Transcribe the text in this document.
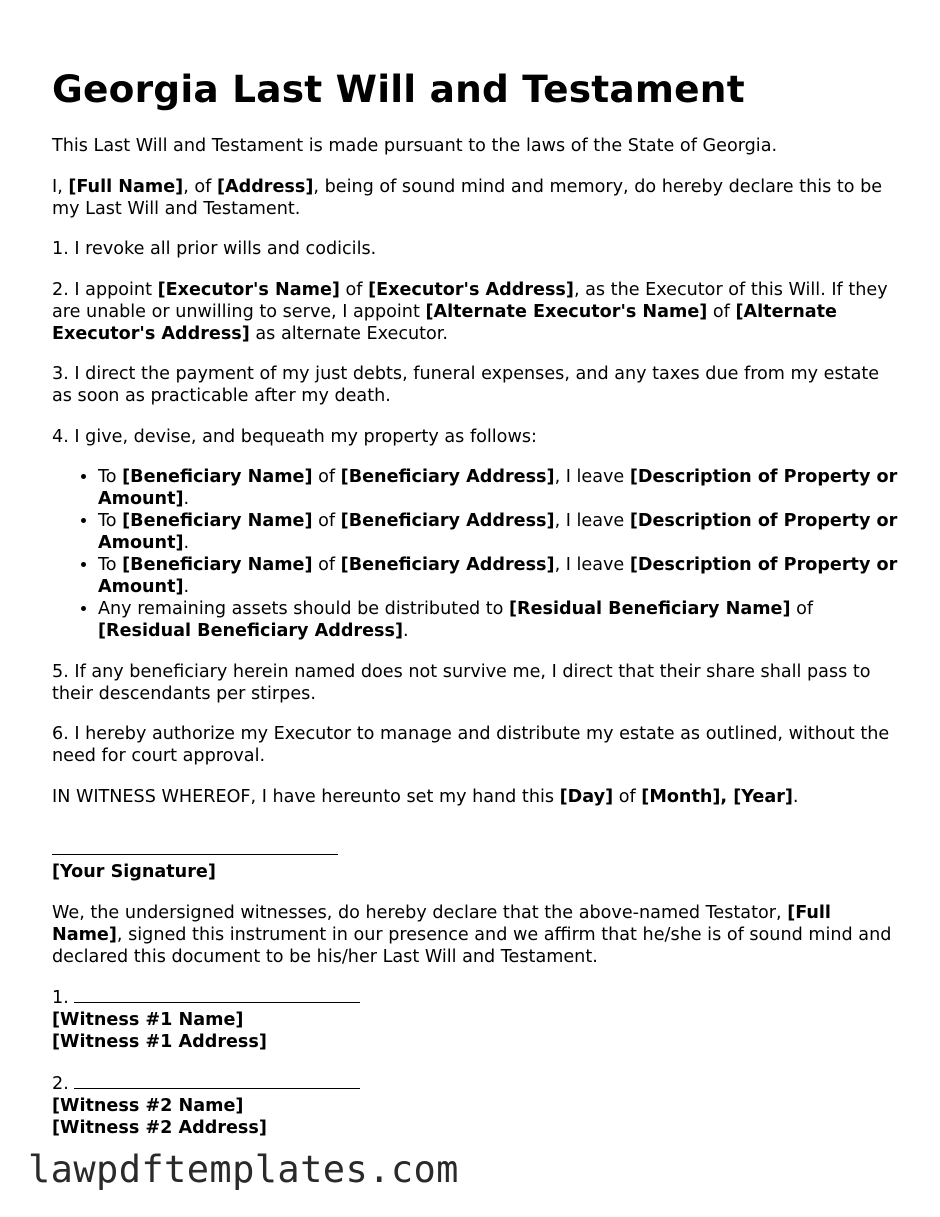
Georgia Last Will and Testament

This Last Will and Testament is made pursuant to the laws of the State of Georgia.

I, [Full Name], of [Address], being of sound mind and memory, do hereby declare this to be my Last Will and Testament.

1. I revoke all prior wills and codicils.

2. I appoint [Executor's Name] of [Executor's Address], as the Executor of this Will. If they are unable or unwilling to serve, I appoint [Alternate Executor's Name] of [Alternate Executor's Address] as alternate Executor.

3. I direct the payment of my just debts, funeral expenses, and any taxes due from my estate as soon as practicable after my death.

4. I give, devise, and bequeath my property as follows:

• To [Beneficiary Name] of [Beneficiary Address], I leave [Description of Property or Amount].
• To [Beneficiary Name] of [Beneficiary Address], I leave [Description of Property or Amount].
• To [Beneficiary Name] of [Beneficiary Address], I leave [Description of Property or Amount].
• Any remaining assets should be distributed to [Residual Beneficiary Name] of [Residual Beneficiary Address].

5. If any beneficiary herein named does not survive me, I direct that their share shall pass to their descendants per stirpes.

6. I hereby authorize my Executor to manage and distribute my estate as outlined, without the need for court approval.

IN WITNESS WHEREOF, I have hereunto set my hand this [Day] of [Month], [Year].

[Your Signature]

We, the undersigned witnesses, do hereby declare that the above-named Testator, [Full Name], signed this instrument in our presence and we affirm that he/she is of sound mind and declared this document to be his/her Last Will and Testament.

1.
[Witness #1 Name]
[Witness #1 Address]
2.
[Witness #2 Name]
[Witness #2 Address]
lawpdftemplates.com
